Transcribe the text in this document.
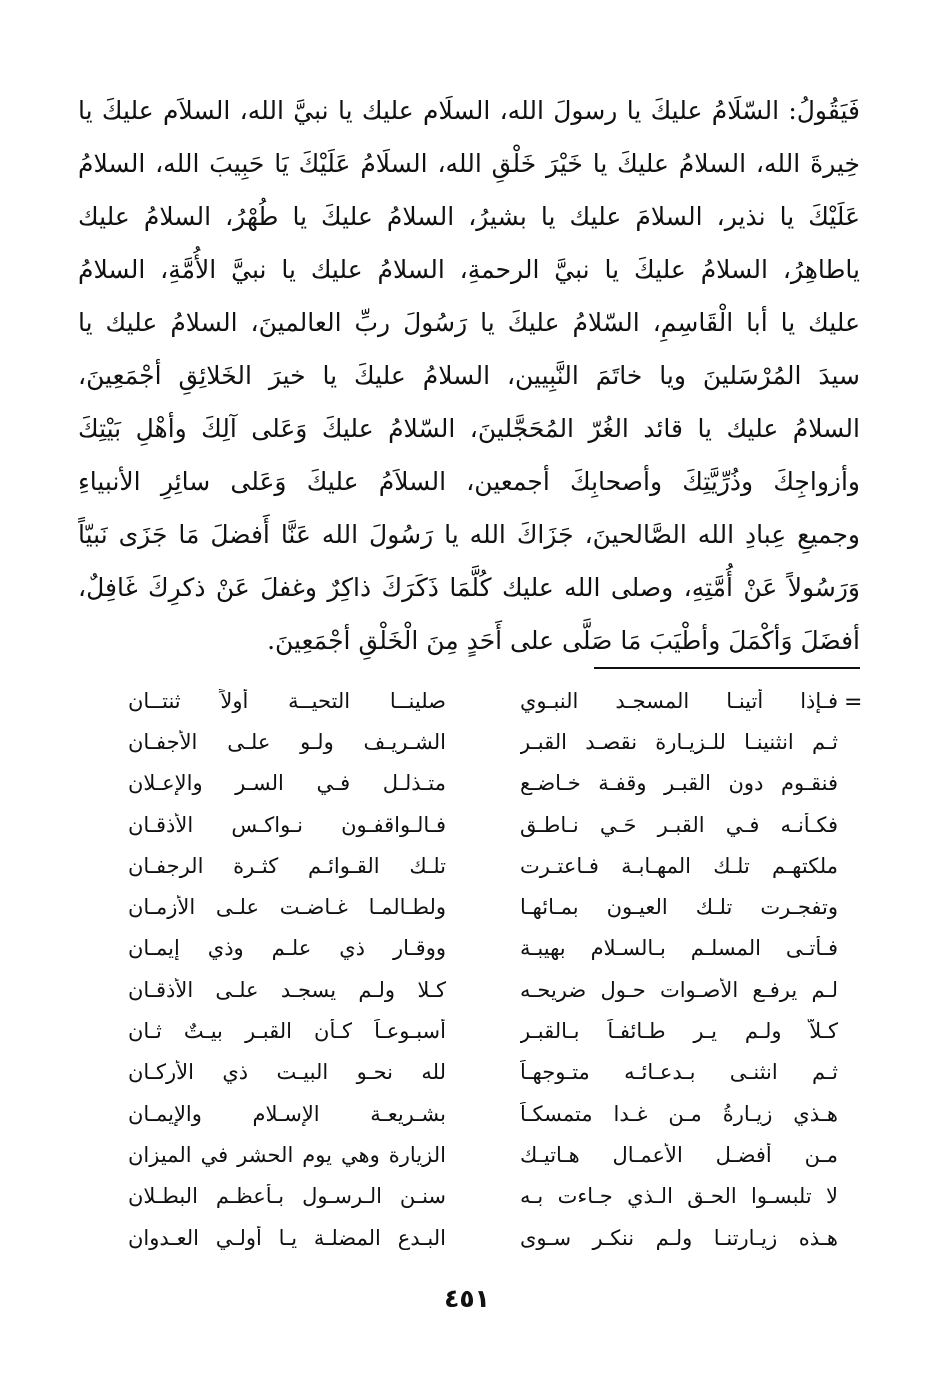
فَيَقُولُ: السّلَامُ عليكَ يا رسولَ الله، السلَام عليك يا نبيَّ الله، السلاَم عليكَ يا
خِيرةَ الله، السلامُ عليكَ يا خَيْرَ خَلْقِ الله، السلَامُ عَلَيْكَ يَا حَبِيبَ الله، السلامُ
عَلَيْكَ يا نذير، السلامَ عليك يا بشيرُ، السلامُ عليكَ يا طُهْرُ، السلامُ عليك
ياطاهِرُ، السلامُ عليكَ يا نبيَّ الرحمةِ، السلامُ عليك يا نبيَّ الأُمَّةِ، السلامُ
عليك يا أبا الْقَاسِمِ، السّلامُ عليكَ يا رَسُولَ ربِّ العالمينَ، السلامُ عليك يا
سيدَ المُرْسَلينَ ويا خاتَمَ النَّبِيين، السلامُ عليكَ يا خيرَ الخَلائِقِ أجْمَعِينَ،
السلامُ عليك يا قائد الغُرّ المُحَجَّلينَ، السّلامُ عليكَ وَعَلى آلِكَ وأهْلِ بَيْتِكَ
وأزواجِكَ وذُرِّيَّتِكَ وأصحابِكَ أجمعين، السلاَمُ عليكَ وَعَلى سائِرِ الأنبياءِ
وجميعِ عِبادِ الله الصَّالحينَ، جَزَاكَ الله يا رَسُولَ الله عَنَّا أَفضلَ مَا جَزَى نَبيّاً
وَرَسُولاً عَنْ أُمَّتِهِ، وصلى الله عليك كُلَّمَا ذَكَرَكَ ذاكِرٌ وغفلَ عَنْ ذكرِكَ غَافِلٌ،
أفضَلَ وَأكْمَلَ وأطْيَبَ مَا صَلَّى على أَحَدٍ مِنَ الْخَلْقِ أجْمَعِينَ.
=
فـإذا أتينـا المسجـد النبـوي
صلينــا التحيــة أولاً ثنتــان
ثـم انثنينـا للـزيـارة نقصـد القبـر
الشـريـف ولـو علـى الأجفـان
فنقـوم دون القبـر وقفـة خـاضـع
متـذلـل فـي السـر والإعـلان
فكـأنـه فـي القبـر حَـي نـاطـق
فـالـواقفـون نـواكـس الأذقـان
ملكتهـم تلـك المهـابـة فـاعتـرت
تلـك القـوائـم كثـرة الرجفـان
وتفجـرت تلـك العيـون بمـائهـا
ولطـالمـا غـاضـت علـى الأزمـان
فـأتـى المسلـم بـالسـلام بهيبـة
ووقـار ذي علـم وذي إيمـان
لـم يرفـع الأصـوات حـول ضريحـه
كـلا ولـم يسجـد علـى الأذقـان
كـلاّ ولـم يـر طـائفـاً بـالقبـر
أسبـوعـاً كـأن القبـر بيـتٌ ثـان
ثـم انثنـى بـدعـائـه متـوجهـاً
لله نحـو البيـت ذي الأركـان
هـذي زيـارةُ مـن غـدا متمسكـاً
بشـريعـة الإسـلام والإيمـان
مـن أفضـل الأعمـال هـاتيـك
الزيارة وهي يوم الحشر في الميزان
لا تلبسـوا الحـق الـذي جـاءت بـه
سنـن الـرسـول بـأعظـم البطـلان
هـذه زيـارتنـا ولـم ننكـر سـوى
البـدع المضلـة يـا أولـي العـدوان
٤٥١
